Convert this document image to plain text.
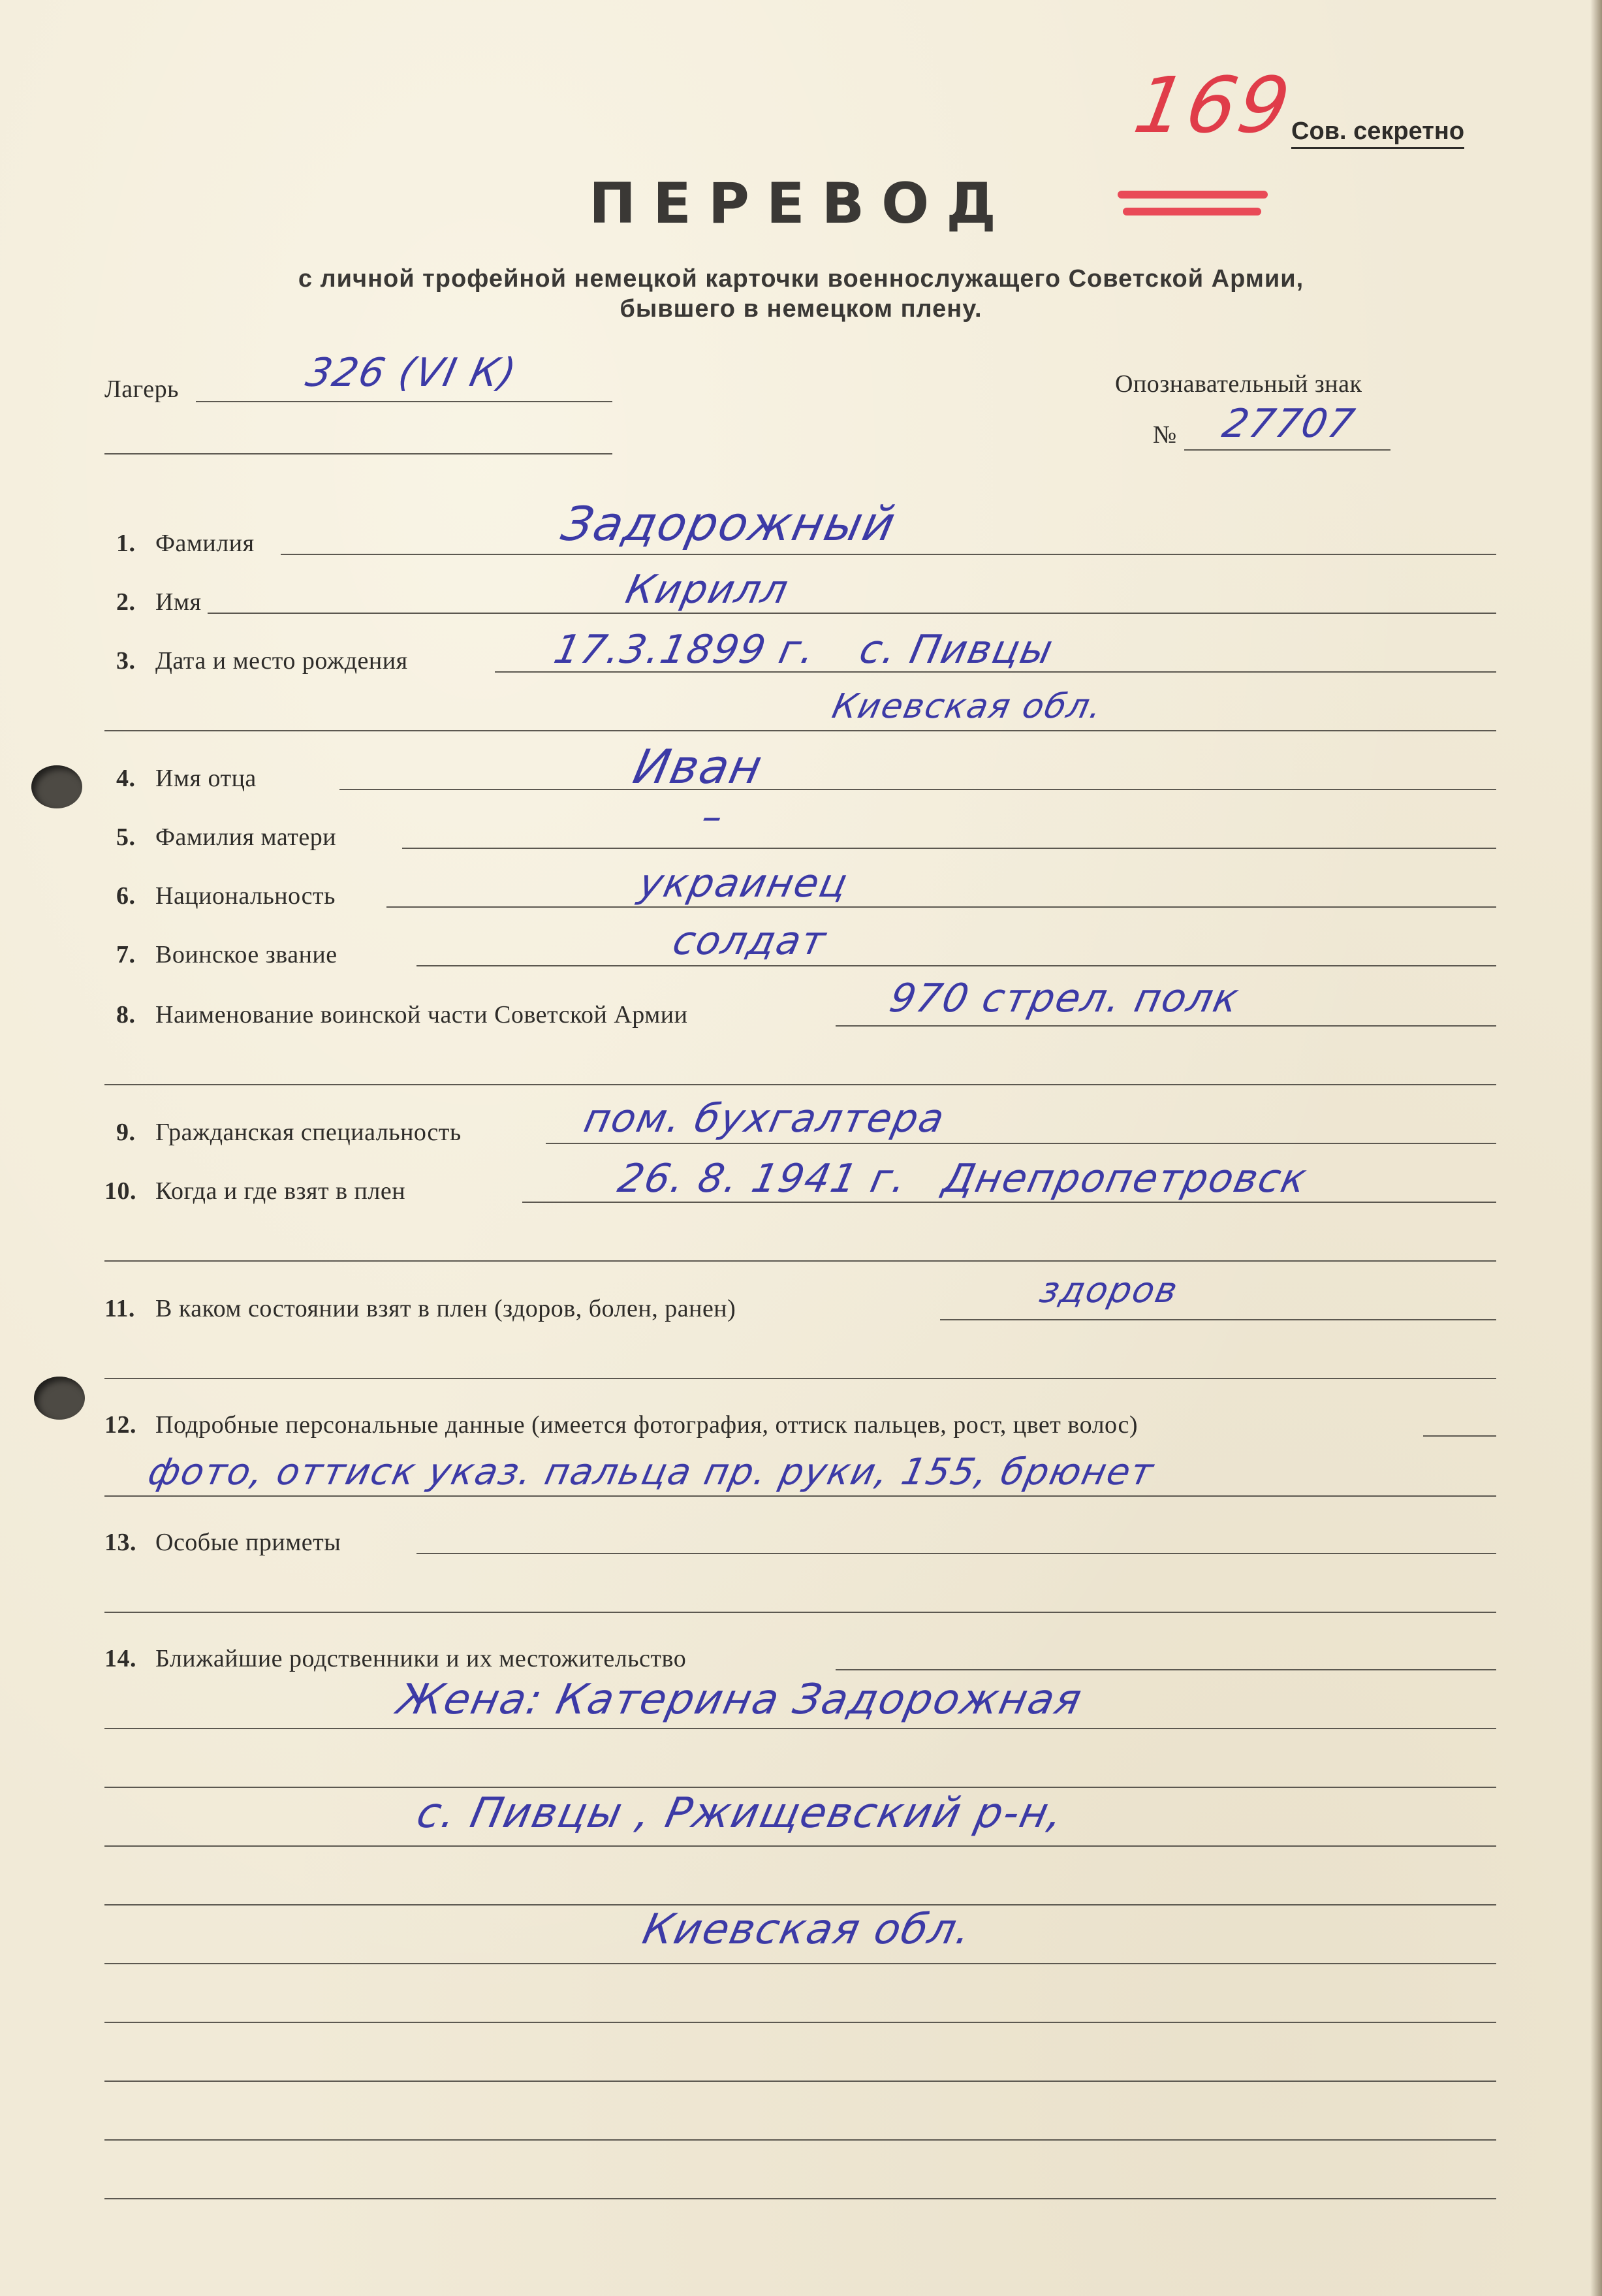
169
Сов. секретно
ПЕРЕВОД
с личной трофейной немецкой карточки военнослужащего Советской Армии,
бывшего в немецком плену.
Лагерь	326 (VI К)	Опознавательный знак
№ 27707
1. Фамилия	Задорожный
2. Имя	Кирилл
3. Дата и место рождения	17.3.1899 г. с. Пивцы
Киевская обл.
4. Имя отца	Иван
5. Фамилия матери	–
6. Национальность	украинец
7. Воинское звание	солдат
8. Наименование воинской части Советской Армии	970 стрел. полк
9. Гражданская специальность	пом. бухгалтера
10. Когда и где взят в плен	26. 8. 1941 г. Днепропетровск
11. В каком состоянии взят в плен (здоров, болен, ранен)	здоров
12. Подробные персональные данные (имеется фотография, оттиск пальцев, рост, цвет волос)
фото, оттиск указ. пальца пр. руки, 155, брюнет
13. Особые приметы
14. Ближайшие родственники и их местожительство
Жена: Катерина Задорожная
с. Пивцы , Ржищевский р-н,
Киевская обл.
